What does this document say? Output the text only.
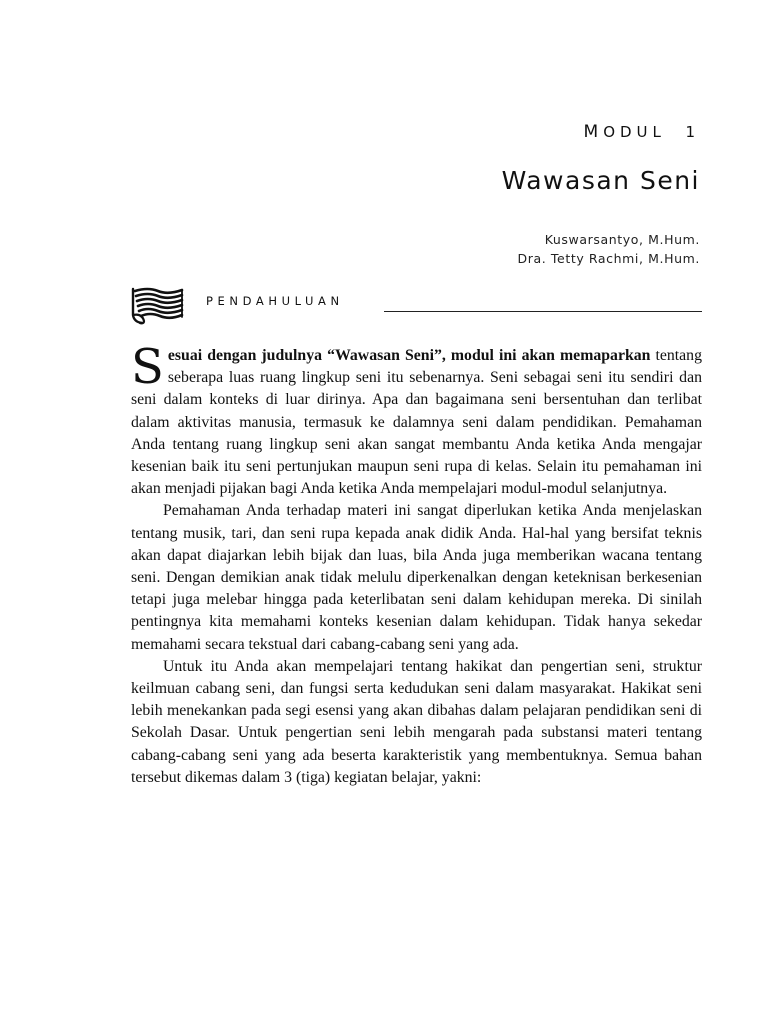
MODUL 1
Wawasan Seni
Kuswarsantyo, M.Hum.
Dra. Tetty Rachmi, M.Hum.
PENDAHULUAN

Sesuai dengan judulnya “Wawasan Seni”, modul ini akan memaparkan tentang seberapa luas ruang lingkup seni itu sebenarnya. Seni sebagai seni itu sendiri dan seni dalam konteks di luar dirinya. Apa dan bagaimana seni bersentuhan dan terlibat dalam aktivitas manusia, termasuk ke dalamnya seni dalam pendidikan. Pemahaman Anda tentang ruang lingkup seni akan sangat membantu Anda ketika Anda mengajar kesenian baik itu seni pertunjukan maupun seni rupa di kelas. Selain itu pemahaman ini akan menjadi pijakan bagi Anda ketika Anda mempelajari modul-modul selanjutnya.

Pemahaman Anda terhadap materi ini sangat diperlukan ketika Anda menjelaskan tentang musik, tari, dan seni rupa kepada anak didik Anda. Hal-hal yang bersifat teknis akan dapat diajarkan lebih bijak dan luas, bila Anda juga memberikan wacana tentang seni. Dengan demikian anak tidak melulu diperkenalkan dengan keteknisan berkesenian tetapi juga melebar hingga pada keterlibatan seni dalam kehidupan mereka. Di sinilah pentingnya kita memahami konteks kesenian dalam kehidupan. Tidak hanya sekedar memahami secara tekstual dari cabang-cabang seni yang ada.

Untuk itu Anda akan mempelajari tentang hakikat dan pengertian seni, struktur keilmuan cabang seni, dan fungsi serta kedudukan seni dalam masyarakat. Hakikat seni lebih menekankan pada segi esensi yang akan dibahas dalam pelajaran pendidikan seni di Sekolah Dasar. Untuk pengertian seni lebih mengarah pada substansi materi tentang cabang-cabang seni yang ada beserta karakteristik yang membentuknya. Semua bahan tersebut dikemas dalam 3 (tiga) kegiatan belajar, yakni:
